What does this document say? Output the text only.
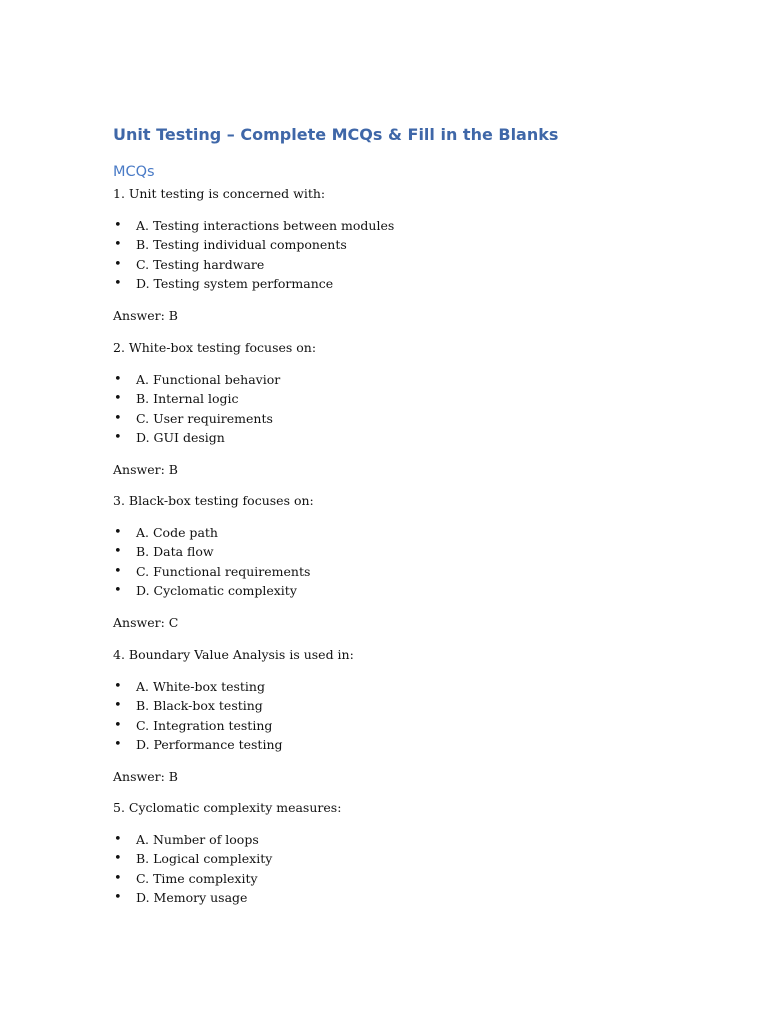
Unit Testing – Complete MCQs & Fill in the Blanks
MCQs
1. Unit testing is concerned with:
• A. Testing interactions between modules
• B. Testing individual components
• C. Testing hardware
• D. Testing system performance
Answer: B
2. White-box testing focuses on:
• A. Functional behavior
• B. Internal logic
• C. User requirements
• D. GUI design
Answer: B
3. Black-box testing focuses on:
• A. Code path
• B. Data flow
• C. Functional requirements
• D. Cyclomatic complexity
Answer: C
4. Boundary Value Analysis is used in:
• A. White-box testing
• B. Black-box testing
• C. Integration testing
• D. Performance testing
Answer: B
5. Cyclomatic complexity measures:
• A. Number of loops
• B. Logical complexity
• C. Time complexity
• D. Memory usage
